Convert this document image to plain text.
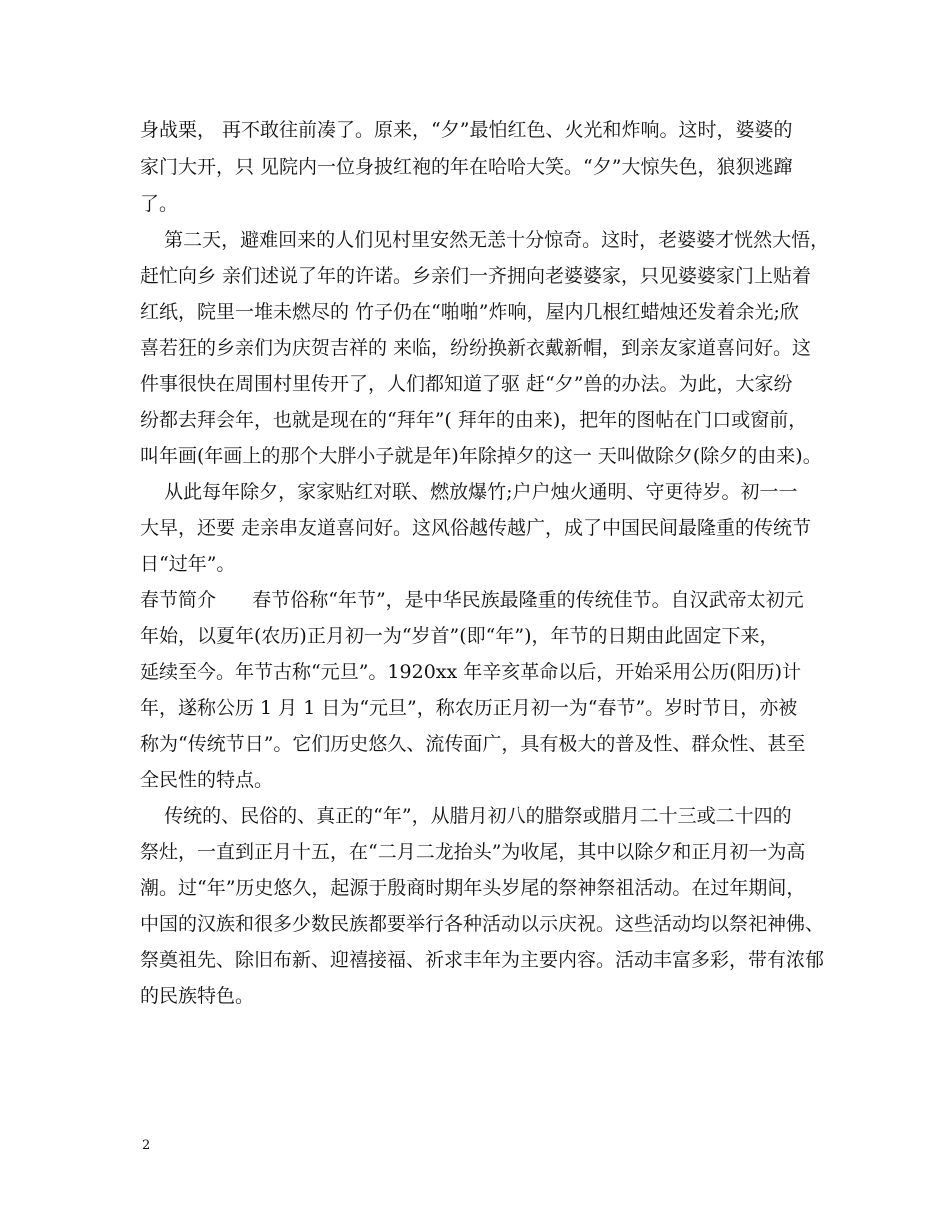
身战栗， 再不敢往前凑了。原来，“夕”最怕红色、火光和炸响。这时，婆婆的
家门大开，只 见院内一位身披红袍的年在哈哈大笑。“夕”大惊失色，狼狈逃蹿
了。
第二天，避难回来的人们见村里安然无恙十分惊奇。这时，老婆婆才恍然大悟，
赶忙向乡 亲们述说了年的许诺。乡亲们一齐拥向老婆婆家，只见婆婆家门上贴着
红纸，院里一堆未燃尽的 竹子仍在“啪啪”炸响，屋内几根红蜡烛还发着余光;欣
喜若狂的乡亲们为庆贺吉祥的 来临，纷纷换新衣戴新帽，到亲友家道喜问好。这
件事很快在周围村里传开了，人们都知道了驱 赶“夕”兽的办法。为此，大家纷
纷都去拜会年，也就是现在的“拜年”( 拜年的由来)，把年的图帖在门口或窗前，
叫年画(年画上的那个大胖小子就是年)年除掉夕的这一 天叫做除夕(除夕的由来)。
从此每年除夕，家家贴红对联、燃放爆竹;户户烛火通明、守更待岁。初一一
大早，还要 走亲串友道喜问好。这风俗越传越广，成了中国民间最隆重的传统节
日“过年”。
春节简介      春节俗称“年节”，是中华民族最隆重的传统佳节。自汉武帝太初元
年始，以夏年(农历)正月初一为“岁首”(即“年”)，年节的日期由此固定下来，
延续至今。年节古称“元旦”。1920xx 年辛亥革命以后，开始采用公历(阳历)计
年，遂称公历 1 月 1 日为“元旦”，称农历正月初一为“春节”。岁时节日，亦被
称为“传统节日”。它们历史悠久、流传面广，具有极大的普及性、群众性、甚至
全民性的特点。
传统的、民俗的、真正的“年”，从腊月初八的腊祭或腊月二十三或二十四的
祭灶，一直到正月十五，在“二月二龙抬头”为收尾，其中以除夕和正月初一为高
潮。过“年”历史悠久，起源于殷商时期年头岁尾的祭神祭祖活动。在过年期间，
中国的汉族和很多少数民族都要举行各种活动以示庆祝。这些活动均以祭祀神佛、
祭奠祖先、除旧布新、迎禧接福、祈求丰年为主要内容。活动丰富多彩，带有浓郁
的民族特色。
2
